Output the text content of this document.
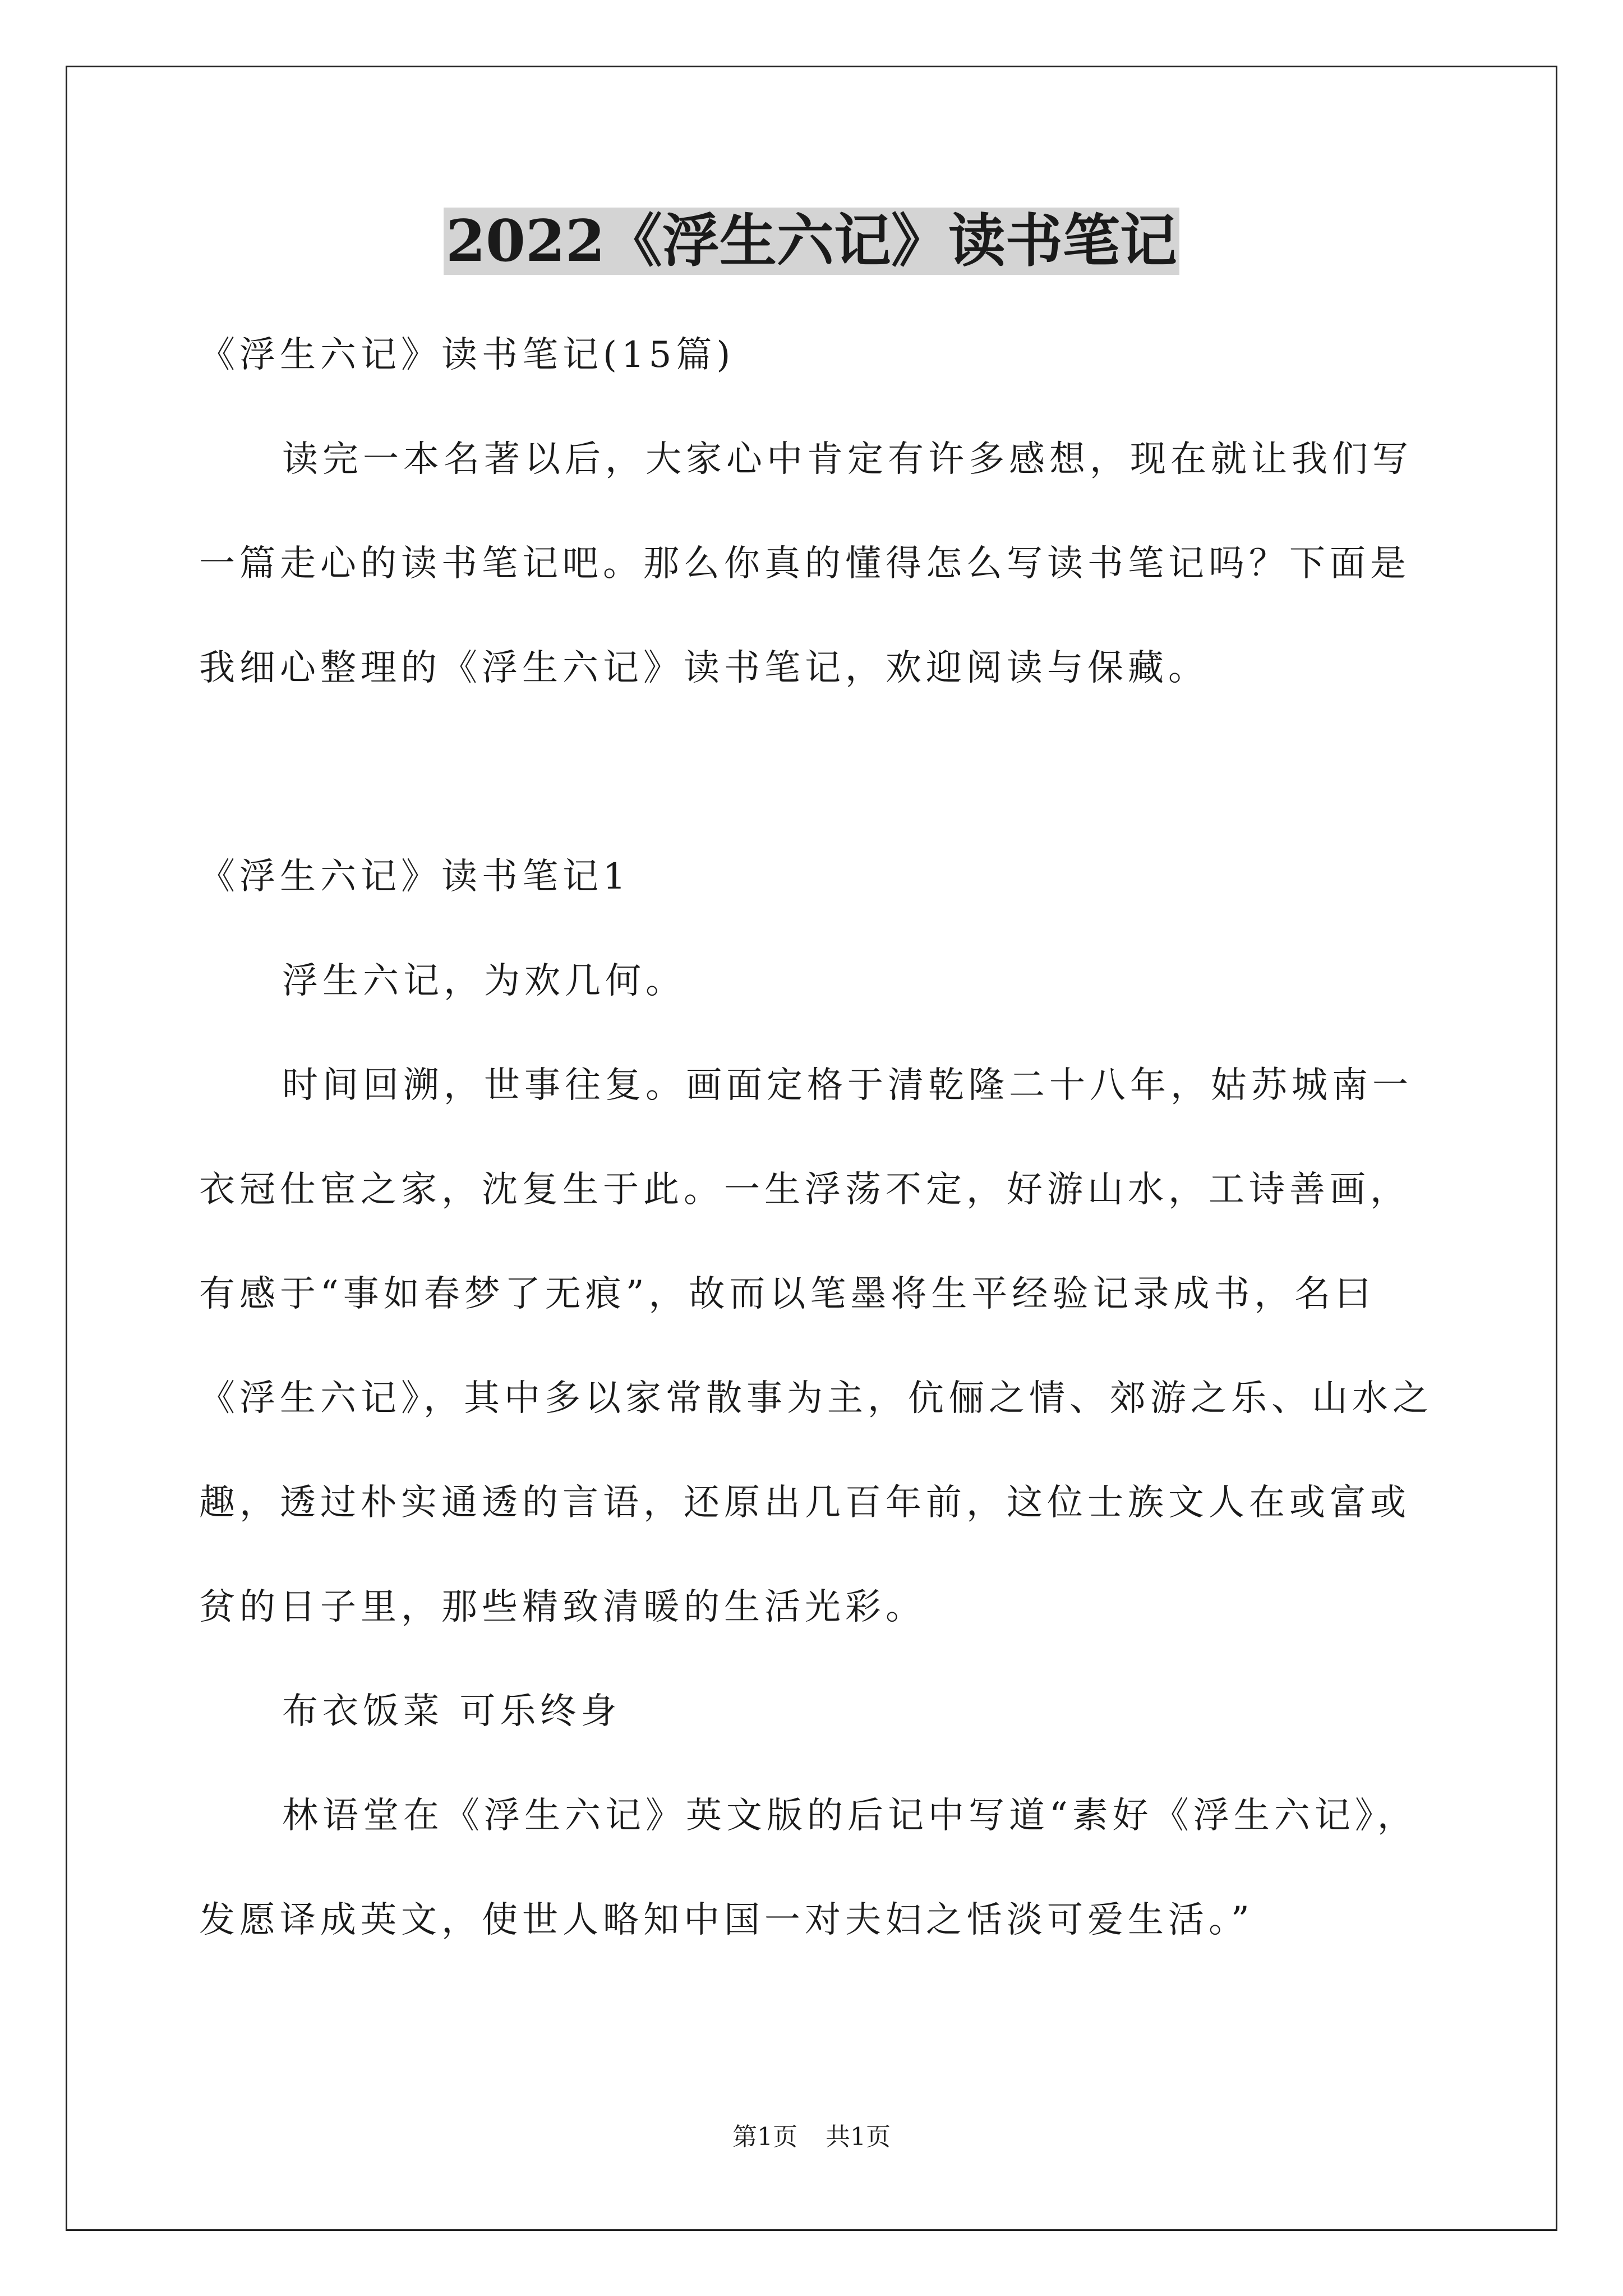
2022《浮生六记》读书笔记

《浮生六记》读书笔记(15篇)

读完一本名著以后，大家心中肯定有许多感想，现在就让我们写

一篇走心的读书笔记吧。那么你真的懂得怎么写读书笔记吗？下面是

我细心整理的《浮生六记》读书笔记，欢迎阅读与保藏。

《浮生六记》读书笔记1

浮生六记，为欢几何。

时间回溯，世事往复。画面定格于清乾隆二十八年，姑苏城南一

衣冠仕宦之家，沈复生于此。一生浮荡不定，好游山水，工诗善画，

有感于“事如春梦了无痕”，故而以笔墨将生平经验记录成书，名曰

《浮生六记》，其中多以家常散事为主，伉俪之情、郊游之乐、山水之

趣，透过朴实通透的言语，还原出几百年前，这位士族文人在或富或

贫的日子里，那些精致清暖的生活光彩。

布衣饭菜 可乐终身

林语堂在《浮生六记》英文版的后记中写道“素好《浮生六记》，

发愿译成英文，使世人略知中国一对夫妇之恬淡可爱生活。”

第1页 共1页
